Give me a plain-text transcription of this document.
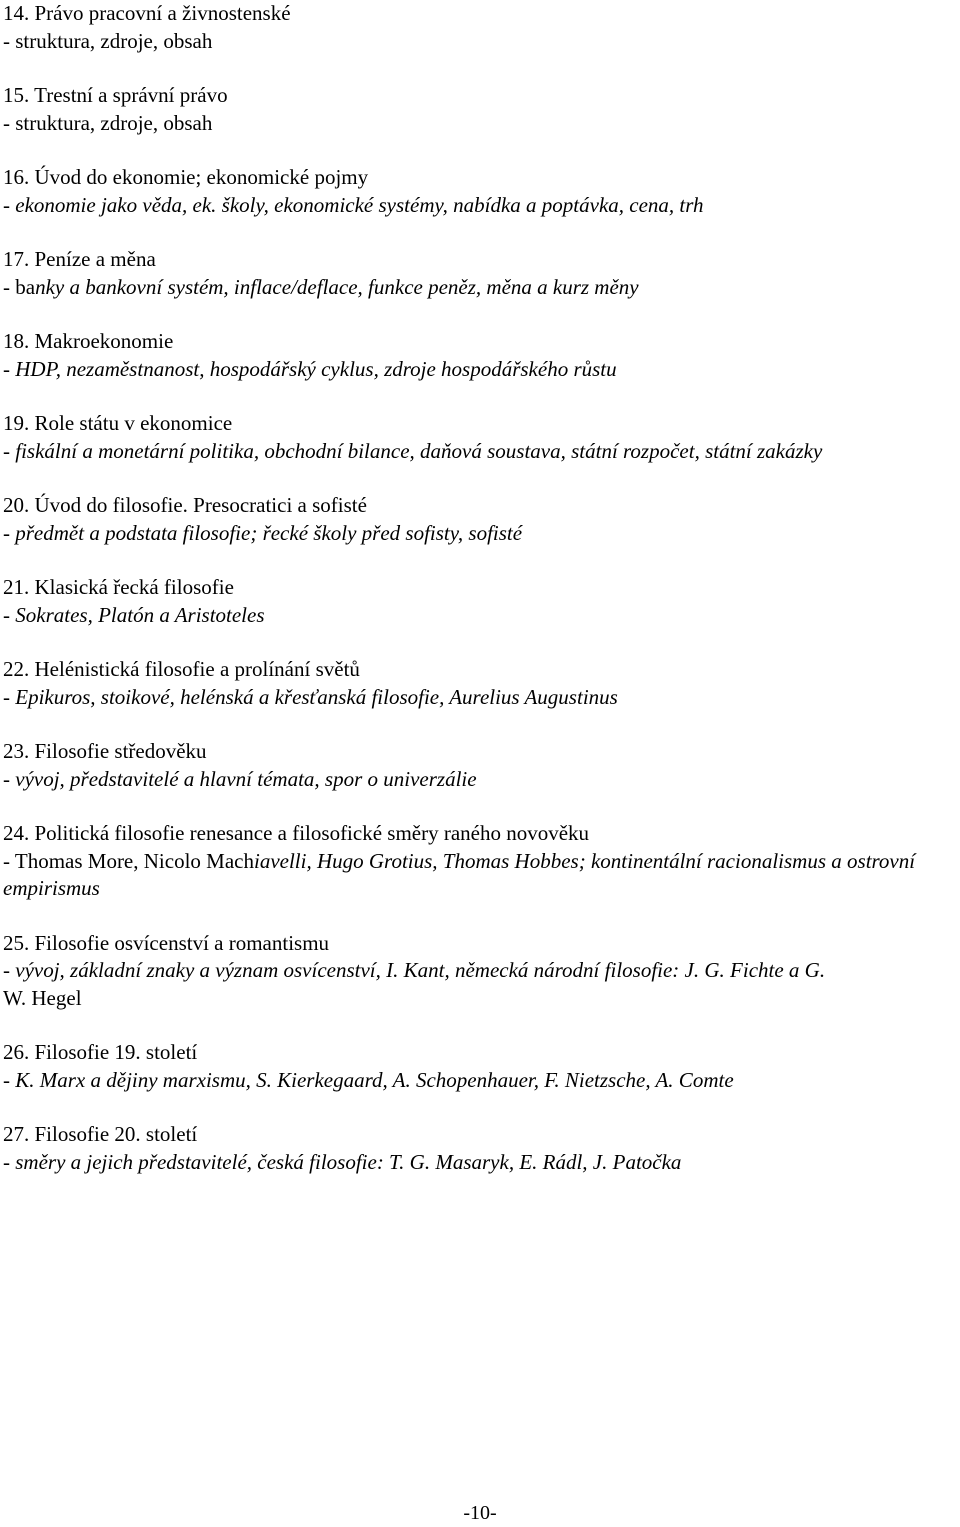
14. Právo pracovní a živnostenské
- struktura, zdroje, obsah
15. Trestní a správní právo
- struktura, zdroje, obsah
16. Úvod do ekonomie; ekonomické pojmy
- ekonomie jako věda, ek. školy, ekonomické systémy, nabídka a poptávka, cena, trh
17. Peníze a měna
- banky a bankovní systém, inflace/deflace, funkce peněz, měna a kurz měny
18. Makroekonomie
- HDP, nezaměstnanost, hospodářský cyklus, zdroje hospodářského růstu
19. Role státu v ekonomice
- fiskální a monetární politika, obchodní bilance, daňová soustava, státní rozpočet, státní zakázky
20. Úvod do filosofie. Presocratici a sofisté
- předmět a podstata filosofie; řecké školy před sofisty, sofisté
21. Klasická řecká filosofie
- Sokrates, Platón a Aristoteles
22. Helénistická filosofie a prolínání světů
- Epikuros, stoikové, helénská a křesťanská filosofie, Aurelius Augustinus
23. Filosofie středověku
- vývoj, představitelé a hlavní témata, spor o univerzálie
24. Politická filosofie renesance a filosofické směry raného novověku
- Thomas More, Nicolo Machiavelli, Hugo Grotius, Thomas Hobbes; kontinentální racionalismus a ostrovní empirismus
25. Filosofie osvícenství a romantismu
- vývoj, základní znaky a význam osvícenství, I. Kant, německá národní filosofie: J. G. Fichte a G.
W. Hegel
26. Filosofie 19. století
- K. Marx a dějiny marxismu, S. Kierkegaard, A. Schopenhauer, F. Nietzsche, A. Comte
27. Filosofie 20. století
- směry a jejich představitelé, česká filosofie: T. G. Masaryk, E. Rádl, J. Patočka
-10-
